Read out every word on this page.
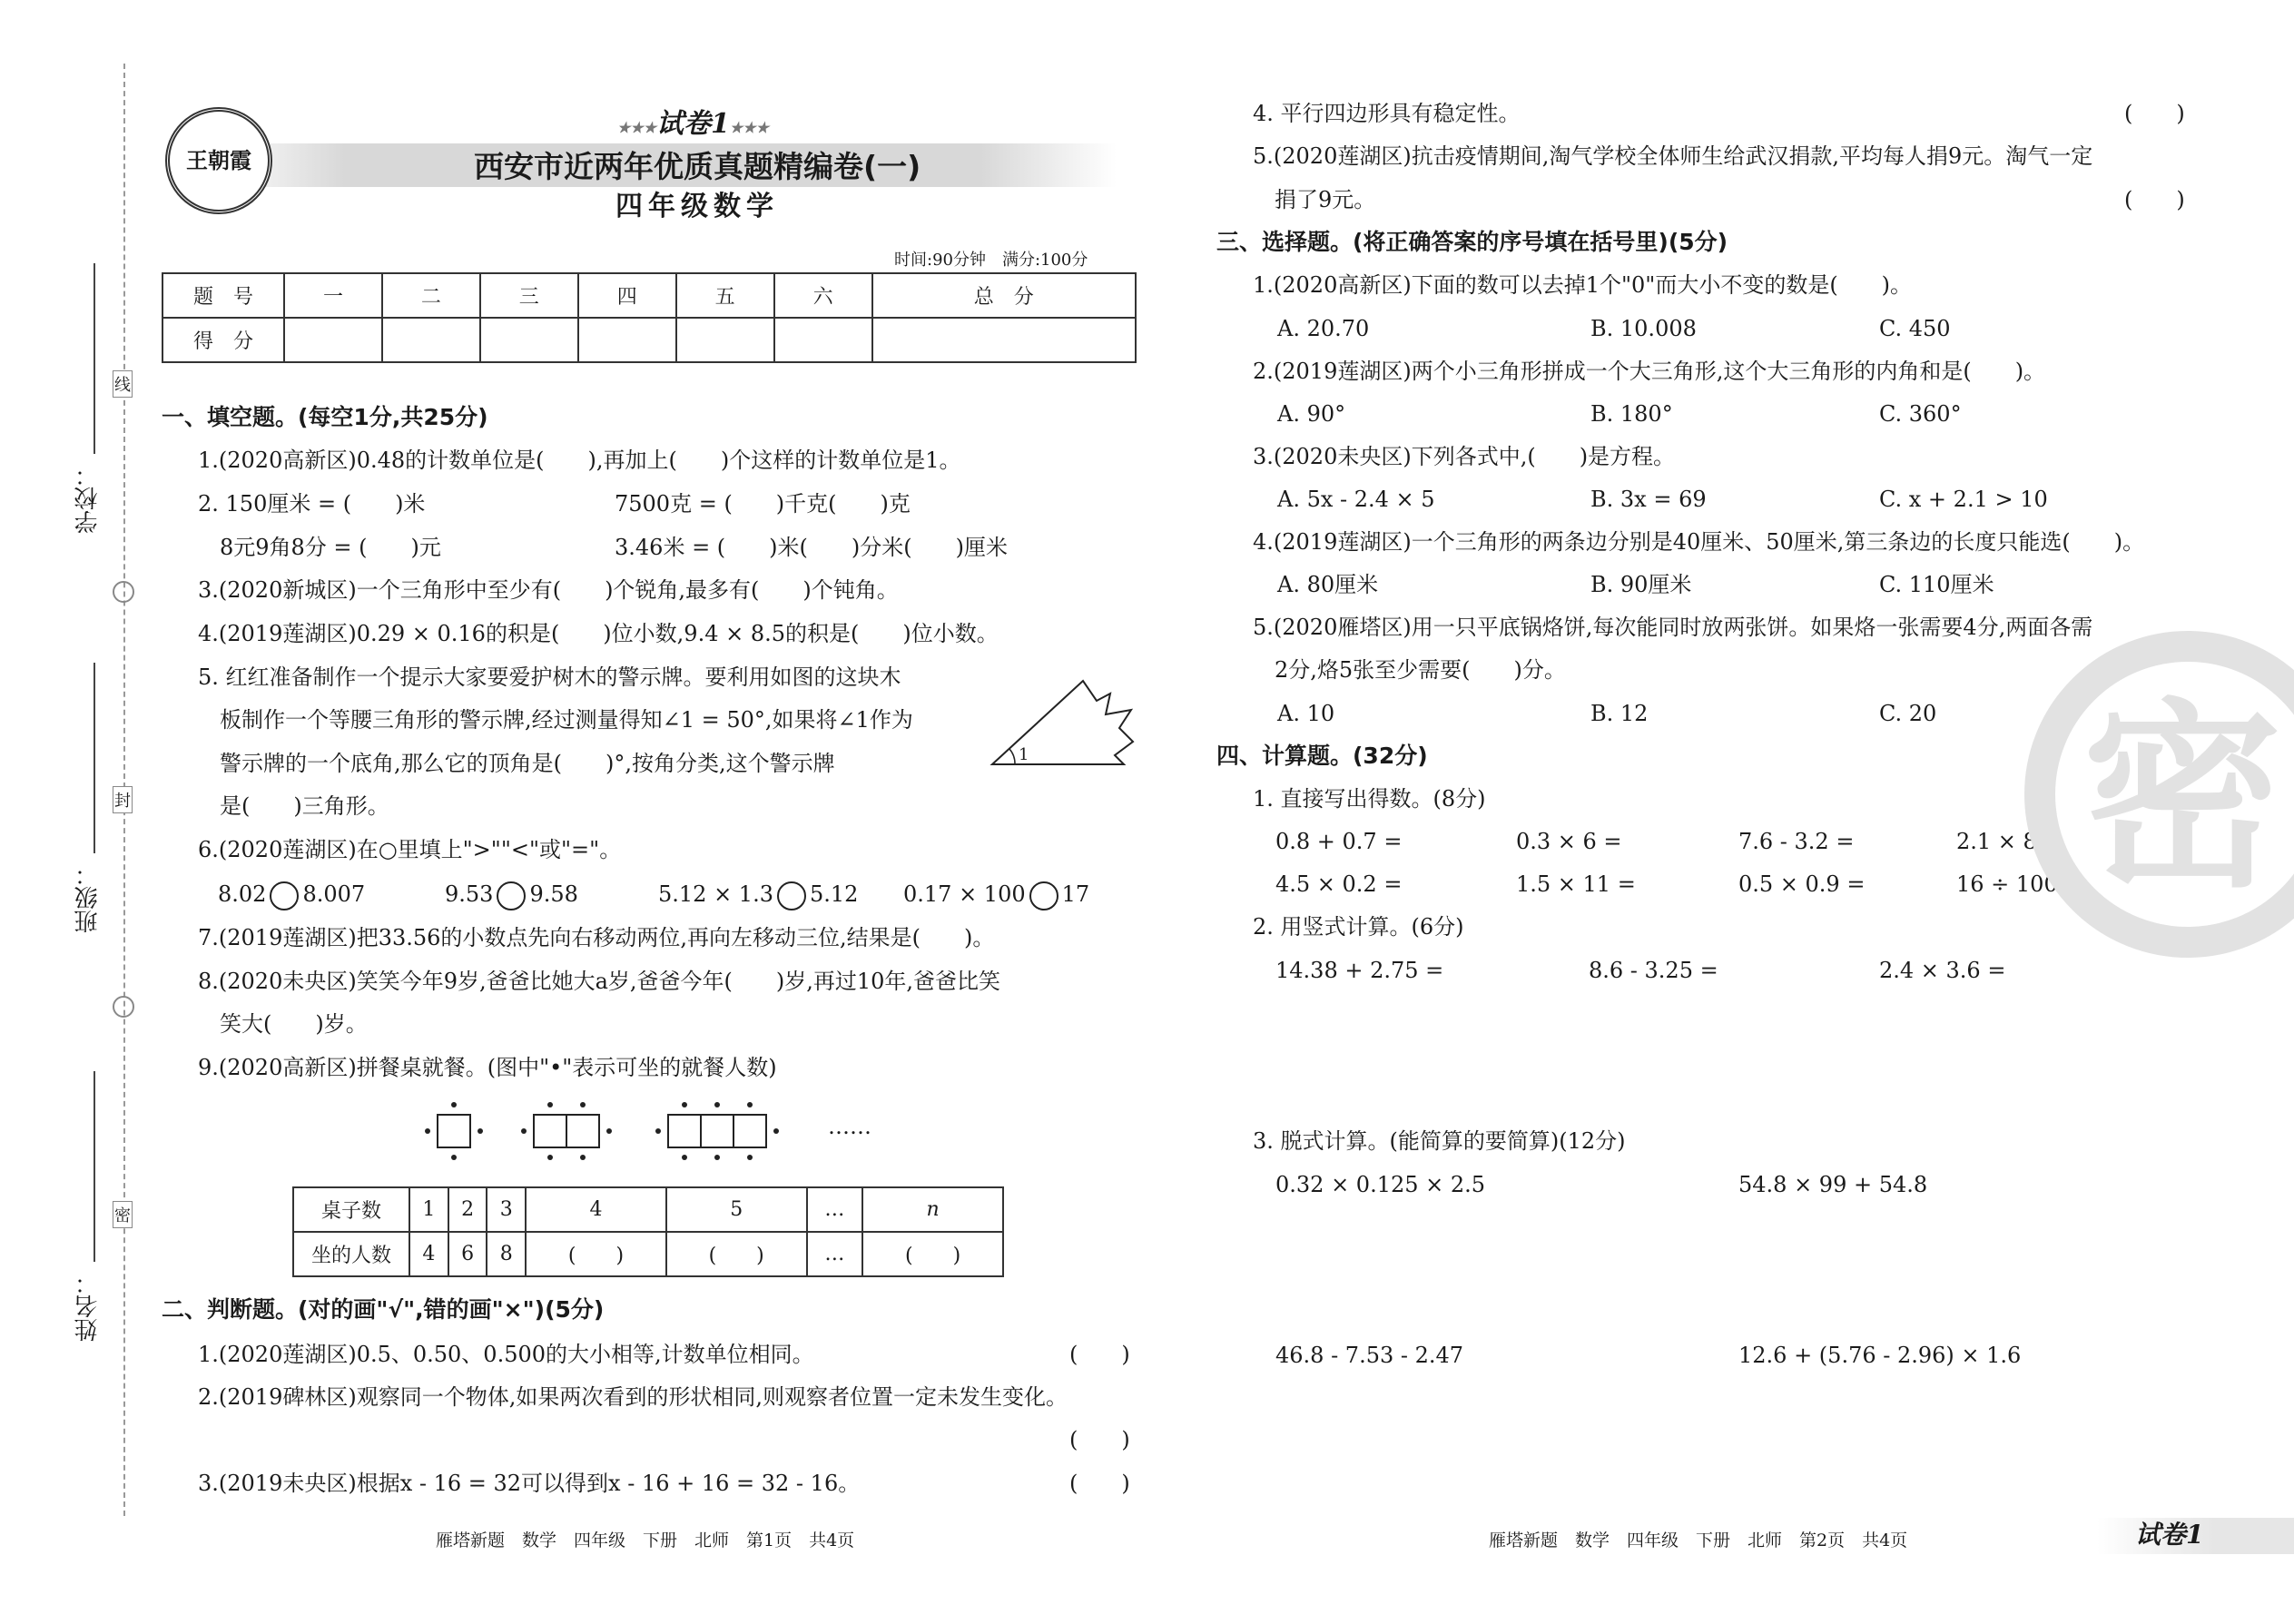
学校：
班级：
姓名：
线
封
密
王朝霞
★★★试卷1★★★
西安市近两年优质真题精编卷(一)
四年级数学
时间:90分钟　满分:100分
题　号	一	二	三	四	五	六	总　分
得　分							
一、填空题。(每空1分,共25分)
1.(2020高新区)0.48的计数单位是(　　),再加上(　　)个这样的计数单位是1。
2. 150厘米 = (　　)米	7500克 = (　　)千克(　　)克
8元9角8分 = (　　)元	3.46米 = (　　)米(　　)分米(　　)厘米
3.(2020新城区)一个三角形中至少有(　　)个锐角,最多有(　　)个钝角。
4.(2019莲湖区)0.29 × 0.16的积是(　　)位小数,9.4 × 8.5的积是(　　)位小数。
5. 红红准备制作一个提示大家要爱护树木的警示牌。要利用如图的这块木
板制作一个等腰三角形的警示牌,经过测量得知∠1 = 50°,如果将∠1作为
警示牌的一个底角,那么它的顶角是(　　)°,按角分类,这个警示牌
是(　　)三角形。
1
6.(2020莲湖区)在○里填上">""<"或"="。
8.02 8.007	9.53 9.58	5.12 × 1.3 5.12 0.17 × 100 17
7.(2019莲湖区)把33.56的小数点先向右移动两位,再向左移动三位,结果是(　　)。
8.(2020未央区)笑笑今年9岁,爸爸比她大a岁,爸爸今年(　　)岁,再过10年,爸爸比笑
笑大(　　)岁。
9.(2020高新区)拼餐桌就餐。(图中"•"表示可坐的就餐人数)
……
桌子数	1	2	3	4	5	…	n
坐的人数	4	6	8	(　　)	(　　)	…	(　　)
二、判断题。(对的画"√",错的画"×")(5分)
1.(2020莲湖区)0.5、0.50、0.500的大小相等,计数单位相同。	(　　)
2.(2019碑林区)观察同一个物体,如果两次看到的形状相同,则观察者位置一定未发生变化。
(　　)
3.(2019未央区)根据x - 16 = 32可以得到x - 16 + 16 = 32 - 16。	(　　)
雁塔新题　数学　四年级　下册　北师　第1页　共4页
4. 平行四边形具有稳定性。	(　　)
5.(2020莲湖区)抗击疫情期间,淘气学校全体师生给武汉捐款,平均每人捐9元。淘气一定
捐了9元。	(　　)
三、选择题。(将正确答案的序号填在括号里)(5分)
1.(2020高新区)下面的数可以去掉1个"0"而大小不变的数是(　　)。
A. 20.70	B. 10.008	C. 450
2.(2019莲湖区)两个小三角形拼成一个大三角形,这个大三角形的内角和是(　　)。
A. 90°	B. 180°	C. 360°
3.(2020未央区)下列各式中,(　　)是方程。
A. 5x - 2.4 × 5	B. 3x = 69	C. x + 2.1 > 10
4.(2019莲湖区)一个三角形的两条边分别是40厘米、50厘米,第三条边的长度只能选(　　)。
A. 80厘米	B. 90厘米	C. 110厘米
5.(2020雁塔区)用一只平底锅烙饼,每次能同时放两张饼。如果烙一张需要4分,两面各需
2分,烙5张至少需要(　　)分。
A. 10	B. 12	C. 20
四、计算题。(32分)
1. 直接写出得数。(8分)
0.8 + 0.7 =	0.3 × 6 =	7.6 - 3.2 =	2.1 × 8 =
4.5 × 0.2 =	1.5 × 11 =	0.5 × 0.9 =	16 ÷ 100 =
2. 用竖式计算。(6分)
14.38 + 2.75 =	8.6 - 3.25 =	2.4 × 3.6 =
3. 脱式计算。(能简算的要简算)(12分)
0.32 × 0.125 × 2.5	54.8 × 99 + 54.8
46.8 - 7.53 - 2.47	12.6 + (5.76 - 2.96) × 1.6
密
雁塔新题　数学　四年级　下册　北师　第2页　共4页	试卷1
